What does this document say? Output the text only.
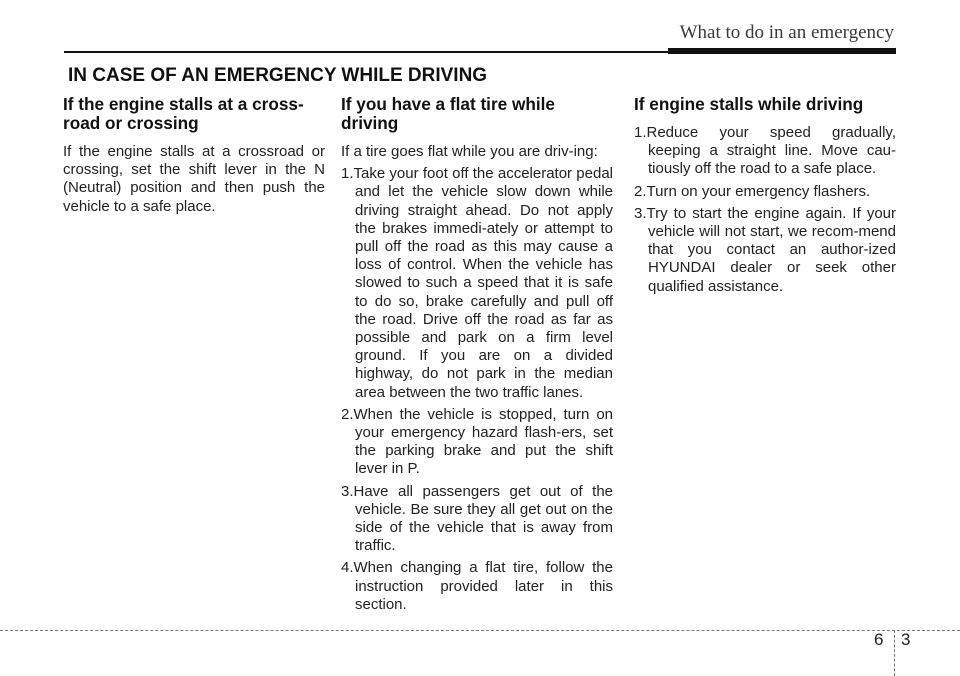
What to do in an emergency
IN CASE OF AN EMERGENCY WHILE DRIVING
If the engine stalls at a cross-
road or crossing

If the engine stalls at a crossroad or crossing, set the shift lever in the N (Neutral) position and then push the vehicle to a safe place.

If you have a flat tire while driving

If a tire goes flat while you are driv-ing:

1.Take your foot off the accelerator pedal and let the vehicle slow down while driving straight ahead. Do not apply the brakes immedi-ately or attempt to pull off the road as this may cause a loss of control. When the vehicle has slowed to such a speed that it is safe to do so, brake carefully and pull off the road. Drive off the road as far as possible and park on a firm level ground. If you are on a divided highway, do not park in the median area between the two traffic lanes.
2.When the vehicle is stopped, turn on your emergency hazard flash-ers, set the parking brake and put the shift lever in P.
3.Have all passengers get out of the vehicle. Be sure they all get out on the side of the vehicle that is away from traffic.
4.When changing a flat tire, follow the instruction provided later in this section.
If engine stalls while driving
1.Reduce your speed gradually, keeping a straight line. Move cau-tiously off the road to a safe place.
2.Turn on your emergency flashers.
3.Try to start the engine again. If your vehicle will not start, we recom-mend that you contact an author-ized HYUNDAI dealer or seek other qualified assistance.
6 3
